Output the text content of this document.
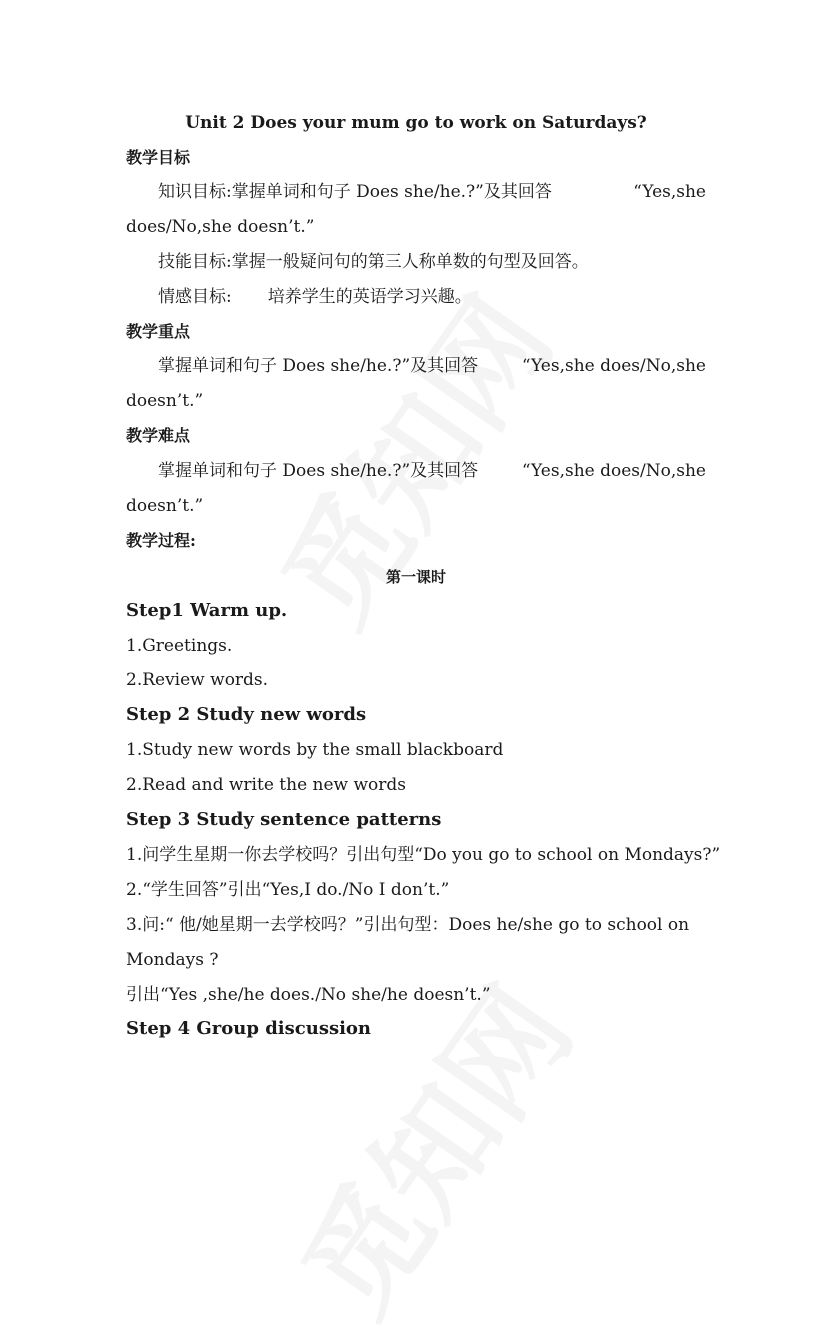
Unit 2 Does your mum go to work on Saturdays?
教学目标
知识目标:掌握单词和句子 Does she/he.?”及其回答	“Yes,she
does/No,she doesn’t.”
技能目标:掌握一般疑问句的第三人称单数的句型及回答。
情感目标: 培养学生的英语学习兴趣。
教学重点
掌握单词和句子 Does she/he.?”及其回答	“Yes,she does/No,she
doesn’t.”
教学难点
掌握单词和句子 Does she/he.?”及其回答	“Yes,she does/No,she
doesn’t.”
教学过程:
第一课时
Step1 Warm up.
1.Greetings.
2.Review words.
Step 2 Study new words
1.Study new words by the small blackboard
2.Read and write the new words
Step 3 Study sentence patterns
1.问学生星期一你去学校吗？引出句型“Do you go to school on Mondays?”
2.“学生回答”引出“Yes,I do./No I don’t.”
3.问:“ 他/她星期一去学校吗？”引出句型：Does he/she go to school on
Mondays ?
引出“Yes ,she/he does./No she/he doesn’t.”
Step 4 Group discussion
